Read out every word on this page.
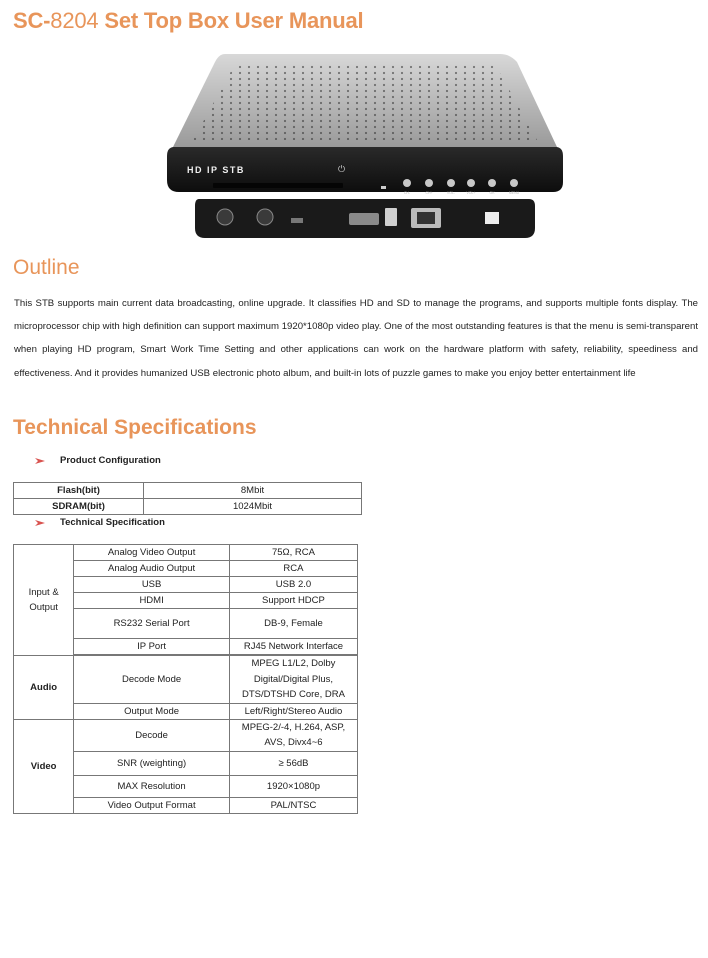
SC-8204 Set Top Box User Manual
HD IP STB	⏻
CH-	CH+	VOL-	VOL+	OK	MENU
Outline
This STB supports main current data broadcasting, online upgrade. It classifies HD and SD to manage the programs, and supports multiple fonts display. The microprocessor chip with high definition can support maximum 1920*1080p video play. One of the most outstanding features is that the menu is semi-transparent when playing HD program, Smart Work Time Setting and other applications can work on the hardware platform with safety, reliability, speediness and effectiveness. And it provides humanized USB electronic photo album, and built-in lots of puzzle games to make you enjoy better entertainment life
Technical Specifications
Product Configuration
Flash(bit)	8Mbit
SDRAM(bit)	1024Mbit
Technical Specification
Input & Output	Analog Video Output	75Ω, RCA
	Analog Audio Output	RCA
	USB	USB 2.0
	HDMI	Support HDCP
	RS232 Serial Port	DB-9, Female
	IP Port	RJ45 Network Interface

Audio	Decode Mode	MPEG L1/L2, Dolby Digital/Digital Plus, DTS/DTSHD Core, DRA
	Output Mode	Left/Right/Stereo Audio
Video	Decode	MPEG-2/-4, H.264, ASP, AVS, Divx4~6
	SNR (weighting)	≥ 56dB
	MAX Resolution	1920×1080p
	Video Output Format	PAL/NTSC
